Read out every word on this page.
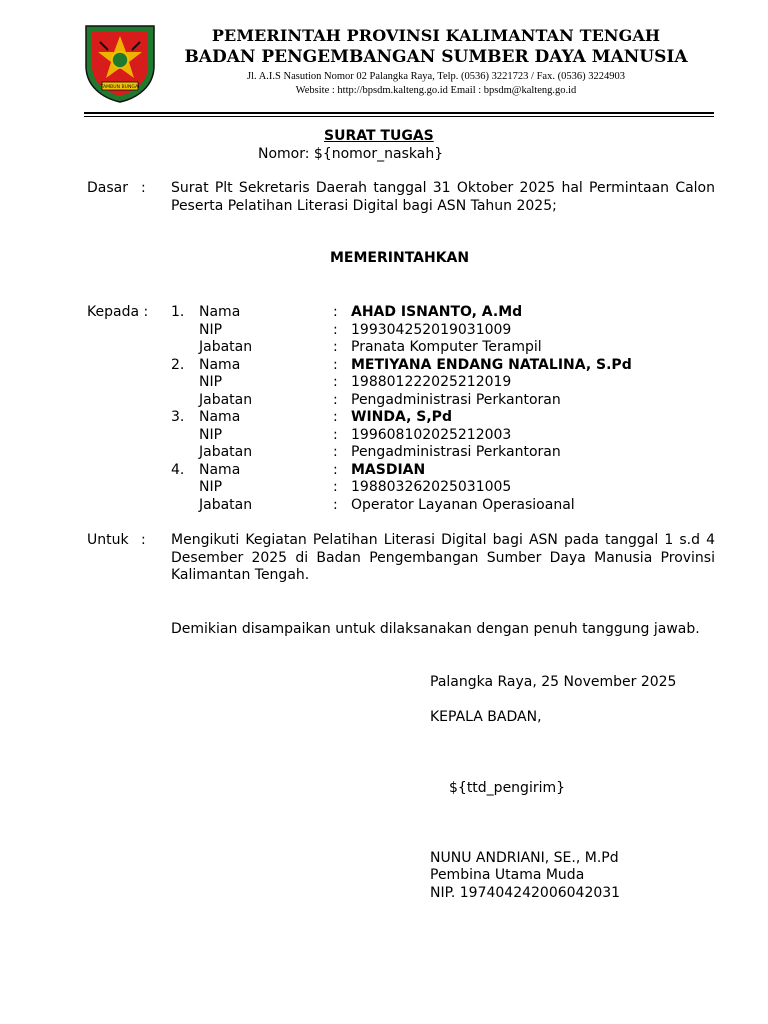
TAMBUN BUNGAI
PEMERINTAH PROVINSI KALIMANTAN TENGAH
BADAN PENGEMBANGAN SUMBER DAYA MANUSIA
Jl. A.I.S Nasution Nomor 02 Palangka Raya, Telp. (0536) 3221723 / Fax. (0536) 3224903
Website : http://bpsdm.kalteng.go.id Email : bpsdm@kalteng.go.id
SURAT TUGAS
Nomor: ${nomor_naskah}
Dasar : Surat Plt Sekretaris Daerah tanggal 31 Oktober 2025 hal Permintaan Calon Peserta Pelatihan Literasi Digital bagi ASN Tahun 2025;
MEMERINTAHKAN
Kepada : 1. Nama	: AHAD ISNANTO, A.Md
NIP	: 199304252019031009
Jabatan	: Pranata Komputer Terampil
2. Nama	: METIYANA ENDANG NATALINA, S.Pd
NIP	: 198801222025212019
Jabatan	: Pengadministrasi Perkantoran
3. Nama	: WINDA, S,Pd
NIP	: 199608102025212003
Jabatan	: Pengadministrasi Perkantoran
4. Nama	: MASDIAN
NIP	: 198803262025031005
Jabatan	: Operator Layanan Operasioanal
Untuk : Mengikuti Kegiatan Pelatihan Literasi Digital bagi ASN pada tanggal 1 s.d 4 Desember 2025 di Badan Pengembangan Sumber Daya Manusia Provinsi Kalimantan Tengah.
Demikian disampaikan untuk dilaksanakan dengan penuh tanggung jawab.
Palangka Raya, 25 November 2025
KEPALA BADAN,
${ttd_pengirim}
NUNU ANDRIANI, SE., M.Pd
Pembina Utama Muda
NIP. 197404242006042031
